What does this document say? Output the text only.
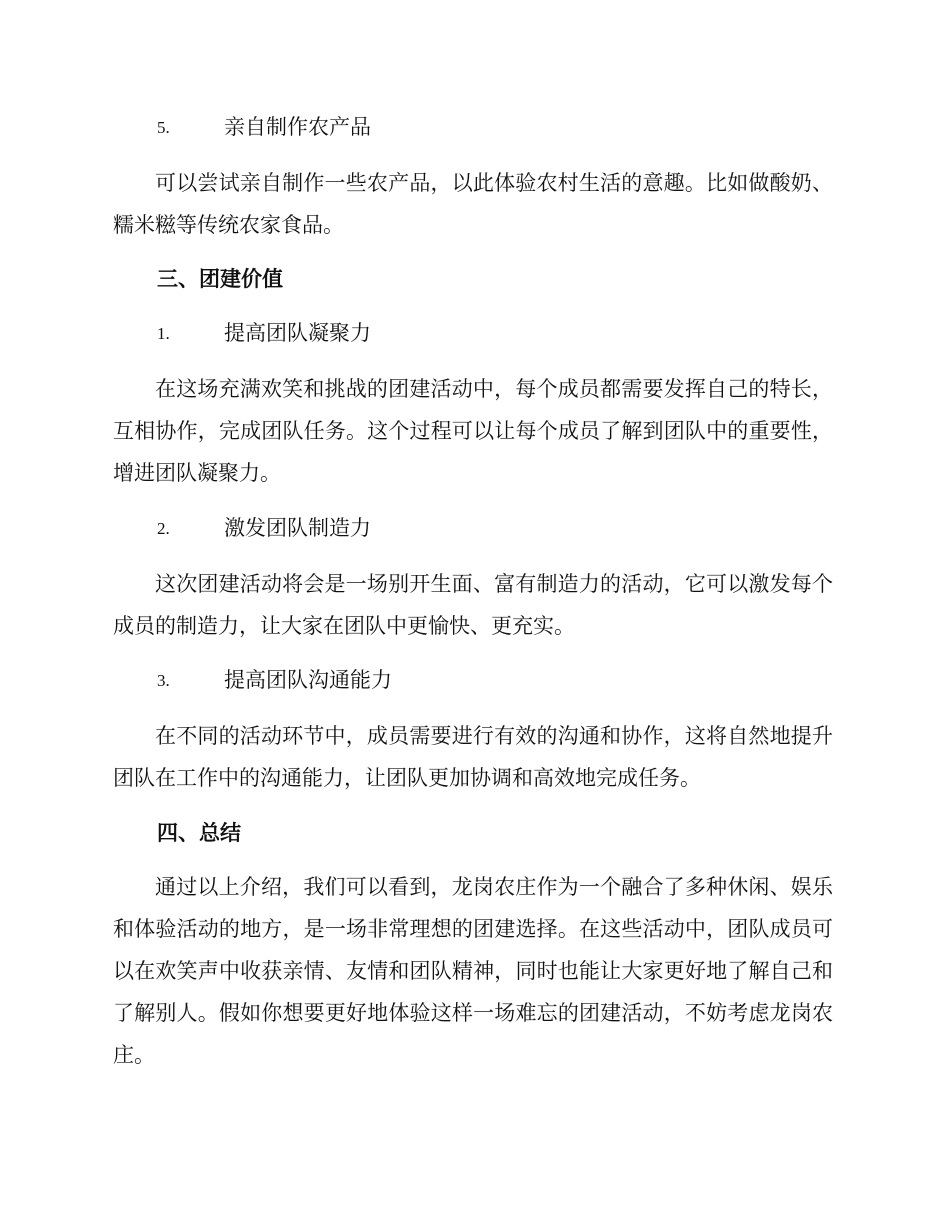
5.	亲自制作农产品

可以尝试亲自制作一些农产品，以此体验农村生活的意趣。比如做酸奶、糯米糍等传统农家食品。

三、团建价值
1.	提高团队凝聚力

在这场充满欢笑和挑战的团建活动中，每个成员都需要发挥自己的特长，互相协作，完成团队任务。这个过程可以让每个成员了解到团队中的重要性，增进团队凝聚力。

2.	激发团队制造力

这次团建活动将会是一场别开生面、富有制造力的活动，它可以激发每个成员的制造力，让大家在团队中更愉快、更充实。

3.	提高团队沟通能力

在不同的活动环节中，成员需要进行有效的沟通和协作，这将自然地提升团队在工作中的沟通能力，让团队更加协调和高效地完成任务。

四、总结

通过以上介绍，我们可以看到，龙岗农庄作为一个融合了多种休闲、娱乐和体验活动的地方，是一场非常理想的团建选择。在这些活动中，团队成员可以在欢笑声中收获亲情、友情和团队精神，同时也能让大家更好地了解自己和了解别人。假如你想要更好地体验这样一场难忘的团建活动，不妨考虑龙岗农庄。
